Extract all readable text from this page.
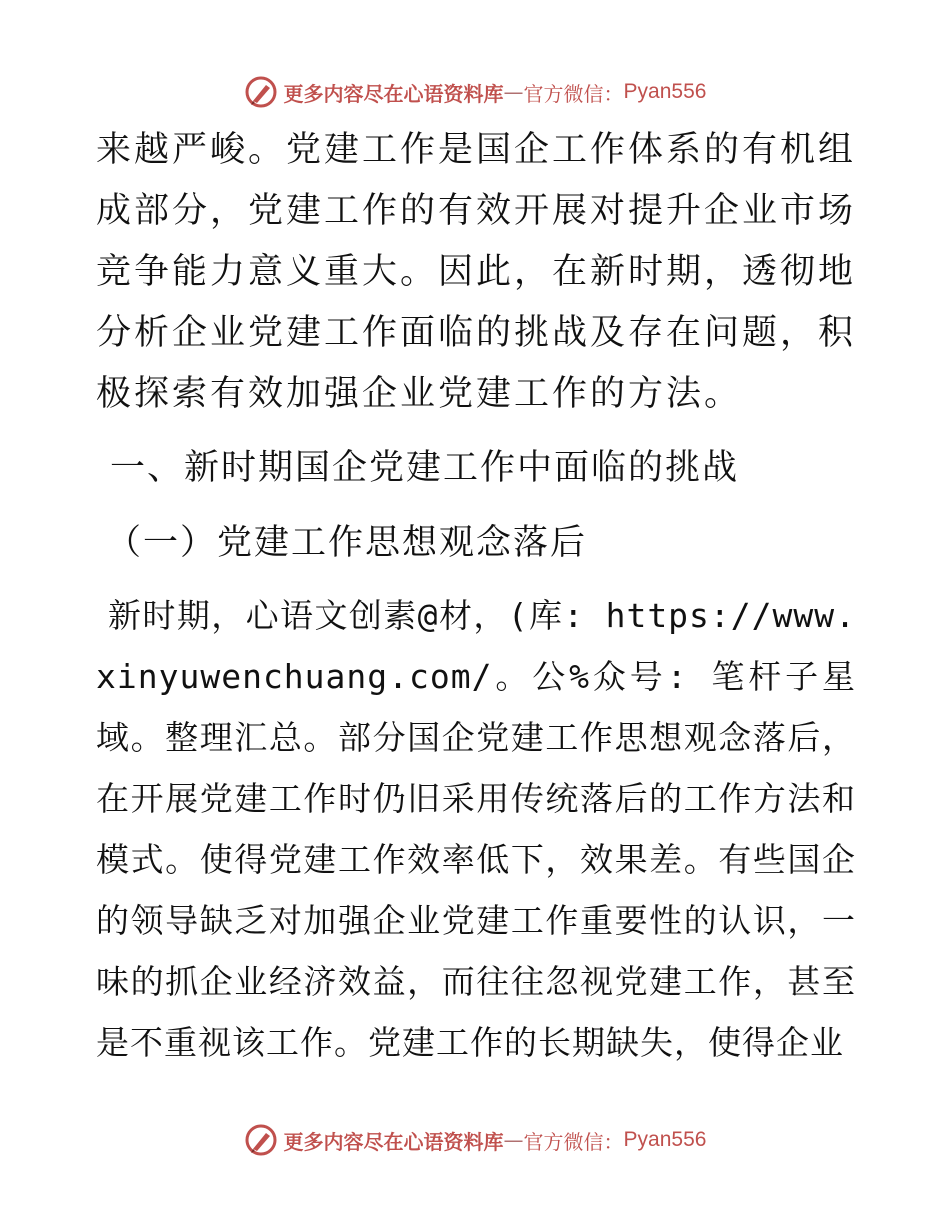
更多内容尽在心语资料库 — 官方微信： Pyan556

来越严峻。党建工作是国企工作体系的有机组成部分，党建工作的有效开展对提升企业市场竞争能力意义重大。因此，在新时期，透彻地分析企业党建工作面临的挑战及存在问题，积极探索有效加强企业党建工作的方法。

一、新时期国企党建工作中面临的挑战

（一）党建工作思想观念落后

新时期，心语文创素@材，(库: https://www.xinyuwenchuang.com/。公%众号: 笔杆子星域。整理汇总。部分国企党建工作思想观念落后，在开展党建工作时仍旧采用传统落后的工作方法和模式。使得党建工作效率低下，效果差。有些国企的领导缺乏对加强企业党建工作重要性的认识，一味的抓企业经济效益，而往往忽视党建工作，甚至是不重视该工作。党建工作的长期缺失，使得企业

更多内容尽在心语资料库 — 官方微信： Pyan556
